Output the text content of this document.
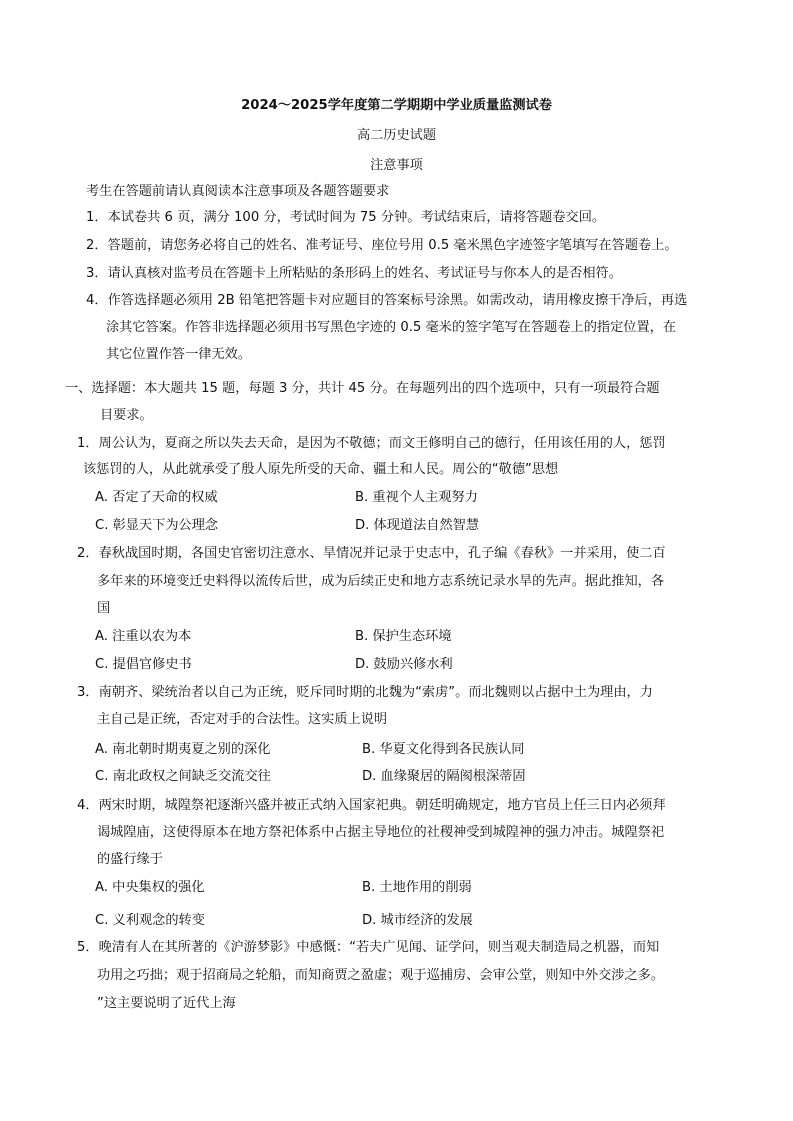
2024～2025学年度第二学期期中学业质量监测试卷
高二历史试题
注意事项
考生在答题前请认真阅读本注意事项及各题答题要求
1．本试卷共 6 页，满分 100 分，考试时间为 75 分钟。考试结束后，请将答题卷交回。
2．答题前，请您务必将自己的姓名、准考证号、座位号用 0.5 毫米黑色字迹签字笔填写在答题卷上。
3．请认真核对监考员在答题卡上所粘贴的条形码上的姓名、考试证号与你本人的是否相符。
4．作答选择题必须用 2B 铅笔把答题卡对应题目的答案标号涂黑。如需改动，请用橡皮擦干净后，再选
涂其它答案。作答非选择题必须用书写黑色字迹的 0.5 毫米的签字笔写在答题卷上的指定位置，在
其它位置作答一律无效。
一、选择题：本大题共 15 题，每题 3 分，共计 45 分。在每题列出的四个选项中，只有一项最符合题
目要求。
1．周公认为，夏商之所以失去天命，是因为不敬德；而文王修明自己的德行，任用该任用的人，惩罚
该惩罚的人，从此就承受了殷人原先所受的天命、疆土和人民。周公的“敬德”思想
A. 否定了天命的权威	B. 重视个人主观努力
C. 彰显天下为公理念	D. 体现道法自然智慧
2．春秋战国时期，各国史官密切注意水、旱情况并记录于史志中，孔子编《春秋》一并采用，使二百
多年来的环境变迁史料得以流传后世，成为后续正史和地方志系统记录水旱的先声。据此推知，各
国
A. 注重以农为本	B. 保护生态环境
C. 提倡官修史书	D. 鼓励兴修水利
3．南朝齐、梁统治者以自己为正统，贬斥同时期的北魏为“索虏”。而北魏则以占据中土为理由，力
主自己是正统，否定对手的合法性。这实质上说明
A. 南北朝时期夷夏之别的深化	B. 华夏文化得到各民族认同
C. 南北政权之间缺乏交流交往	D. 血缘聚居的隔阂根深蒂固
4．两宋时期，城隍祭祀逐渐兴盛并被正式纳入国家祀典。朝廷明确规定，地方官员上任三日内必须拜
谒城隍庙，这使得原本在地方祭祀体系中占据主导地位的社稷神受到城隍神的强力冲击。城隍祭祀
的盛行缘于
A. 中央集权的强化	B. 土地作用的削弱
C. 义利观念的转变	D. 城市经济的发展
5．晚清有人在其所著的《沪游梦影》中感慨：“若夫广见闻、证学问，则当观夫制造局之机器，而知
功用之巧拙；观于招商局之轮船，而知商贾之盈虚；观于巡捕房、会审公堂，则知中外交涉之多。
”这主要说明了近代上海
